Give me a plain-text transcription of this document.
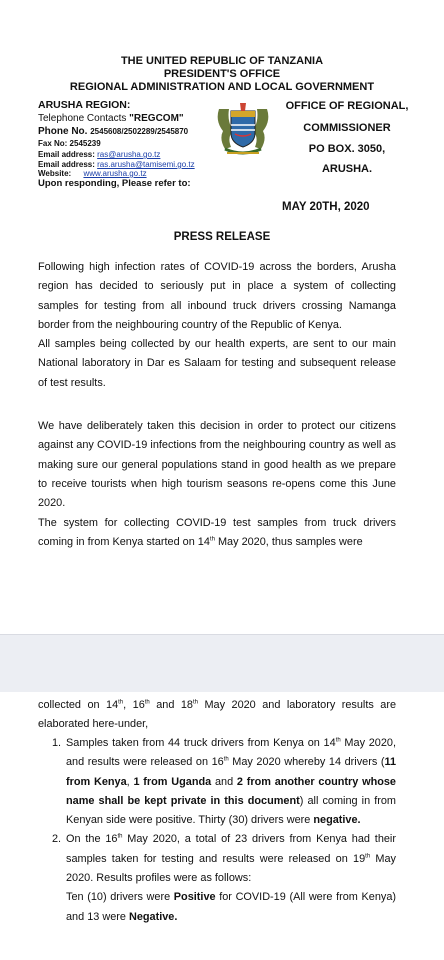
THE UNITED REPUBLIC OF TANZANIA
PRESIDENT'S OFFICE
REGIONAL ADMINISTRATION AND LOCAL GOVERNMENT
ARUSHA REGION:
Telephone Contacts "REGCOM"
Phone No. 2545608/2502289/2545870
Fax No: 2545239
Email address: ras@arusha.go.tz
Email address: ras.arusha@tamisemi.go.tz
Website: www.arusha.go.tz
Upon responding, Please refer to:
OFFICE OF REGIONAL,
COMMISSIONER
PO BOX. 3050,
ARUSHA.
MAY 20TH, 2020
PRESS RELEASE
Following high infection rates of COVID-19 across the borders, Arusha region has decided to seriously put in place a system of collecting samples for testing from all inbound truck drivers crossing Namanga border from the neighbouring country of the Republic of Kenya.
All samples being collected by our health experts, are sent to our main National laboratory in Dar es Salaam for testing and subsequent release of test results.
We have deliberately taken this decision in order to protect our citizens against any COVID-19 infections from the neighbouring country as well as making sure our general populations stand in good health as we prepare to receive tourists when high tourism seasons re-opens come this June 2020.
The system for collecting COVID-19 test samples from truck drivers coming in from Kenya started on 14th May 2020, thus samples were
collected on 14th, 16th and 18th May 2020 and laboratory results are elaborated here-under,
1. Samples taken from 44 truck drivers from Kenya on 14th May 2020, and results were released on 16th May 2020 whereby 14 drivers (11 from Kenya, 1 from Uganda and 2 from another country whose name shall be kept private in this document) all coming in from Kenyan side were positive. Thirty (30) drivers were negative.
2. On the 16th May 2020, a total of 23 drivers from Kenya had their samples taken for testing and results were released on 19th May 2020. Results profiles were as follows:
Ten (10) drivers were Positive for COVID-19 (All were from Kenya) and 13 were Negative.
